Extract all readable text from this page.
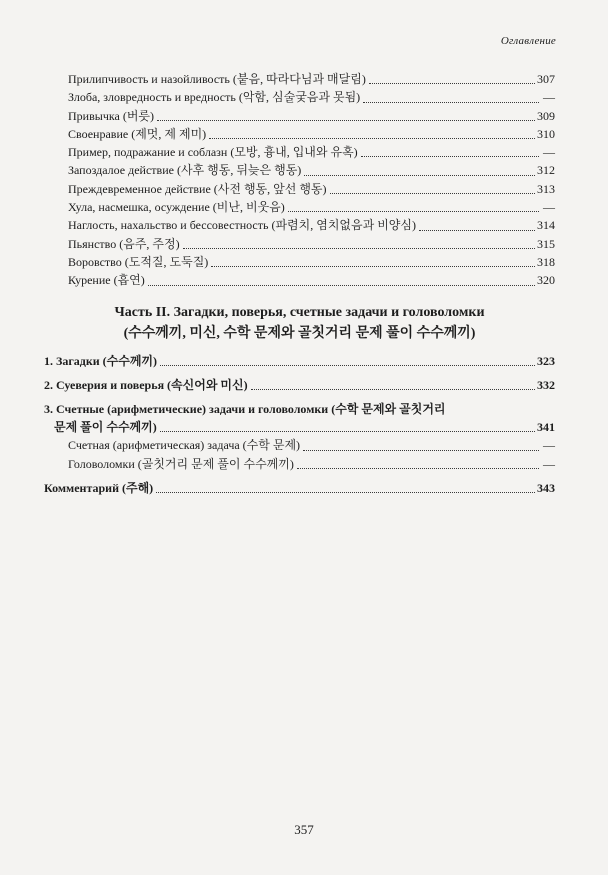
Оглавление
Прилипчивость и назойливость (붙음, 따라다님과 매달림)	307
Злоба, зловредность и вредность (악함, 심술궂음과 못됨)	—
Привычка (버릇)	309
Своенравие (제멋, 제 제미)	310
Пример, подражание и соблазн (모방, 흉내, 입내와 유혹)	—
Запоздалое действие (사후 행동, 뒤늦은 행동)	312
Преждевременное действие (사전 행동, 앞선 행동)	313
Хула, насмешка, осуждение (비난, 비웃음)	—
Наглость, нахальство и бессовестность (파렴치, 염치없음과 비양심)	314
Пьянство (음주, 주정)	315
Воровство (도적질, 도둑질)	318
Курение (흡연)	320
Часть II. Загадки, поверья, счетные задачи и головоломки
(수수께끼, 미신, 수학 문제와 골칫거리 문제 풀이 수수께끼)
1. Загадки (수수께끼)	323
2. Суеверия и поверья (속신어와 미신)	332
3. Счетные (арифметические) задачи и головоломки (수학 문제와 골칫거리
문제 풀이 수수께끼)	341
Счетная (арифметическая) задача (수학 문제)	—
Головоломки (골칫거리 문제 풀이 수수께끼)	—
Комментарий (주해)	343
357
